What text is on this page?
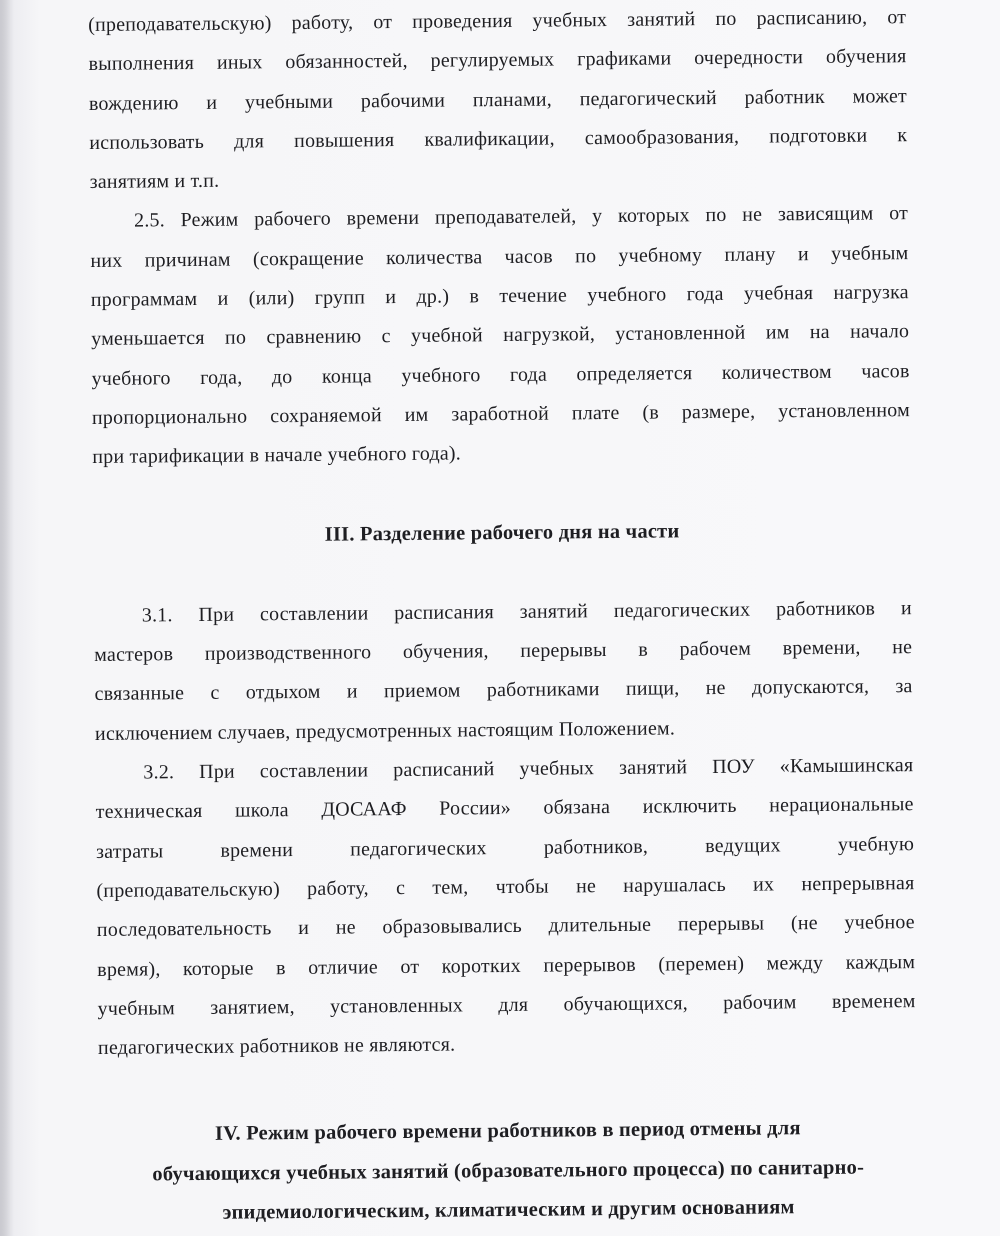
(преподавательскую) работу, от проведения учебных занятий по расписанию, от
выполнения иных обязанностей, регулируемых графиками очередности обучения
вождению и учебными рабочими планами, педагогический работник может
использовать для повышения квалификации, самообразования, подготовки к
занятиям и т.п.
2.5. Режим рабочего времени преподавателей, у которых по не зависящим от
них причинам (сокращение количества часов по учебному плану и учебным
программам и (или) групп и др.) в течение учебного года учебная нагрузка
уменьшается по сравнению с учебной нагрузкой, установленной им на начало
учебного года, до конца учебного года определяется количеством часов
пропорционально сохраняемой им заработной плате (в размере, установленном
при тарификации в начале учебного года).
III. Разделение рабочего дня на части
3.1. При составлении расписания занятий педагогических работников и
мастеров производственного обучения, перерывы в рабочем времени, не
связанные с отдыхом и приемом работниками пищи, не допускаются, за
исключением случаев, предусмотренных настоящим Положением.
3.2. При составлении расписаний учебных занятий ПОУ «Камышинская
техническая школа ДОСААФ России» обязана исключить нерациональные
затраты времени педагогических работников, ведущих учебную
(преподавательскую) работу, с тем, чтобы не нарушалась их непрерывная
последовательность и не образовывались длительные перерывы (не учебное
время), которые в отличие от коротких перерывов (перемен) между каждым
учебным занятием, установленных для обучающихся, рабочим временем
педагогических работников не являются.
IV. Режим рабочего времени работников в период отмены для
обучающихся учебных занятий (образовательного процесса) по санитарно-
эпидемиологическим, климатическим и другим основаниям
